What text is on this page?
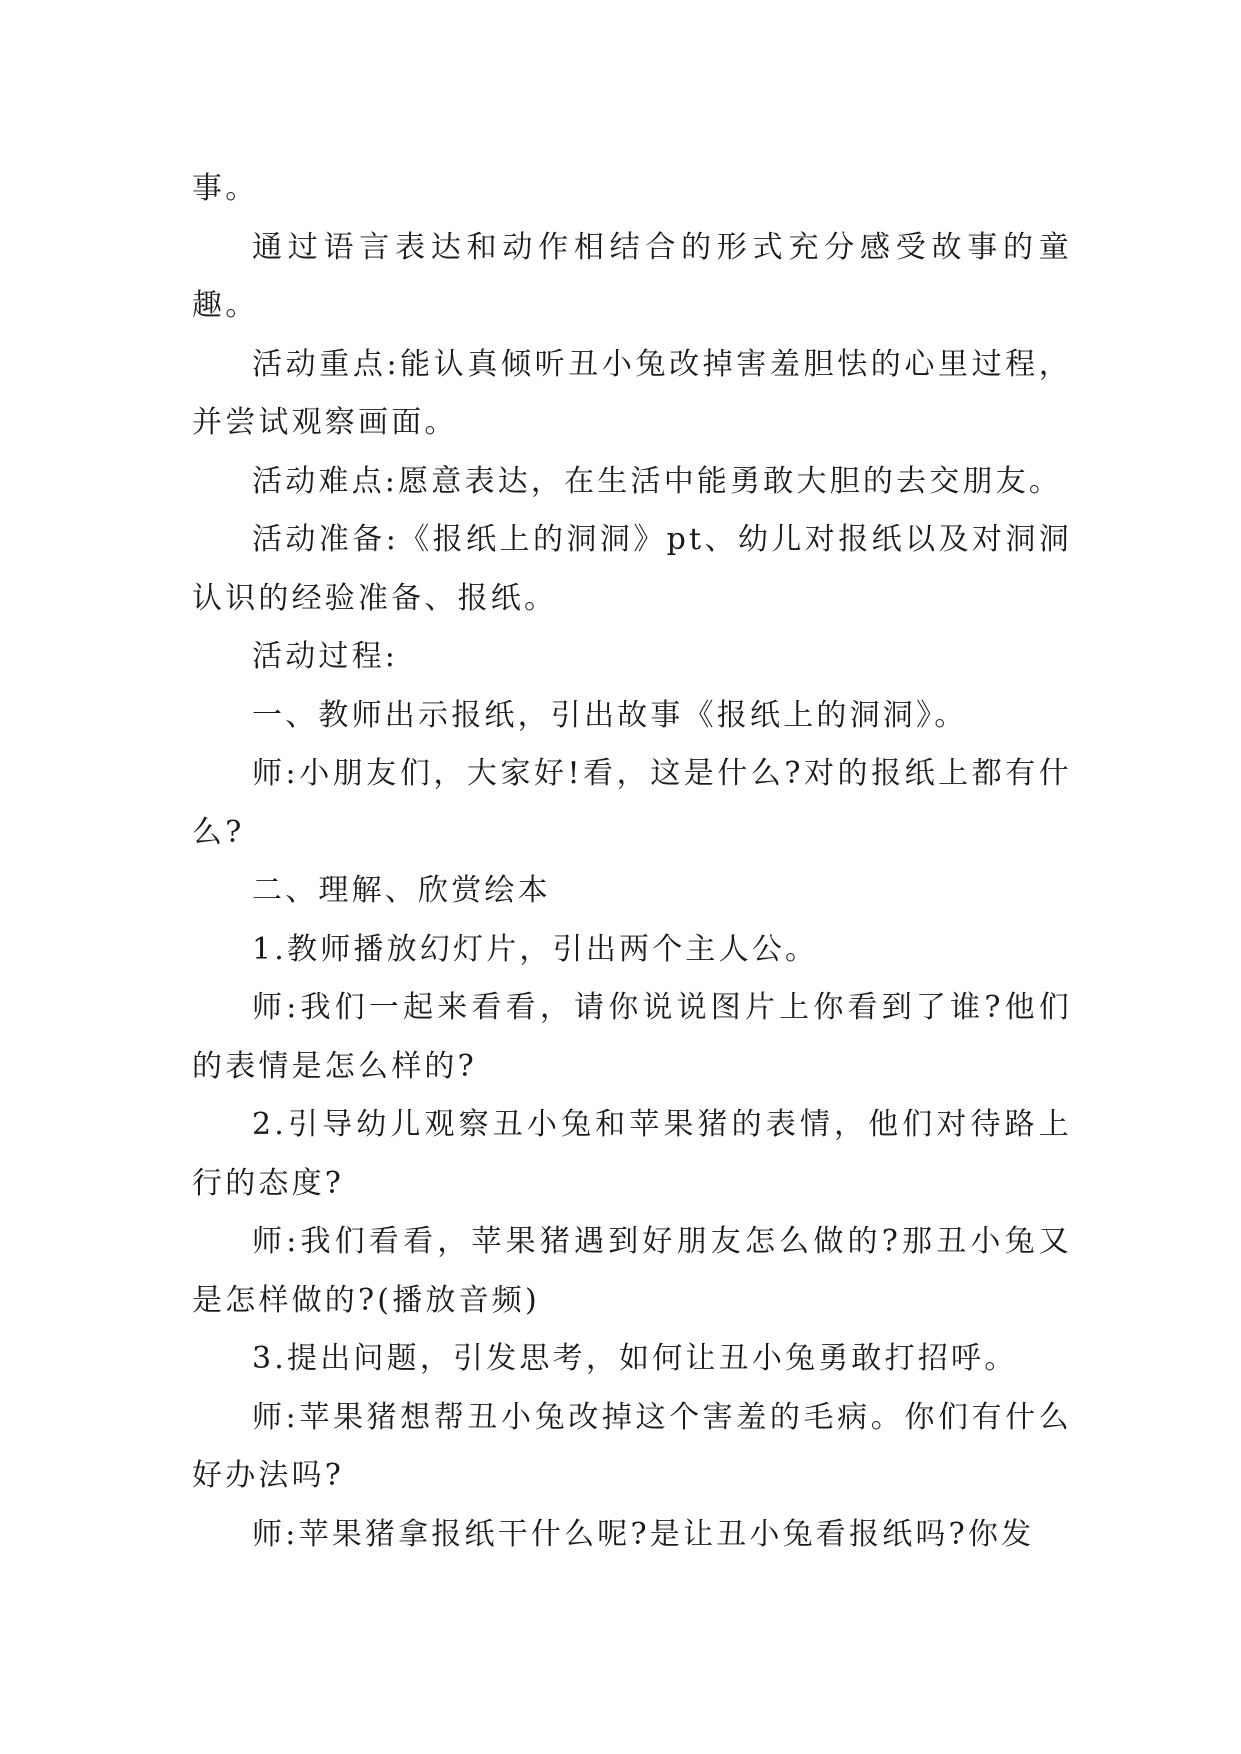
事。

通过语言表达和动作相结合的形式充分感受故事的童趣。

活动重点:能认真倾听丑小兔改掉害羞胆怯的心里过程，并尝试观察画面。

活动难点:愿意表达，在生活中能勇敢大胆的去交朋友。

活动准备:《报纸上的洞洞》pt、幼儿对报纸以及对洞洞认识的经验准备、报纸。

活动过程:

一、教师出示报纸，引出故事《报纸上的洞洞》。

师:小朋友们，大家好!看，这是什么?对的报纸上都有什么?

二、理解、欣赏绘本

1.教师播放幻灯片，引出两个主人公。

师:我们一起来看看，请你说说图片上你看到了谁?他们的表情是怎么样的?

2.引导幼儿观察丑小兔和苹果猪的表情，他们对待路上行的态度?

师:我们看看，苹果猪遇到好朋友怎么做的?那丑小兔又是怎样做的?(播放音频)

3.提出问题，引发思考，如何让丑小兔勇敢打招呼。

师:苹果猪想帮丑小兔改掉这个害羞的毛病。你们有什么好办法吗?

师:苹果猪拿报纸干什么呢?是让丑小兔看报纸吗?你发
